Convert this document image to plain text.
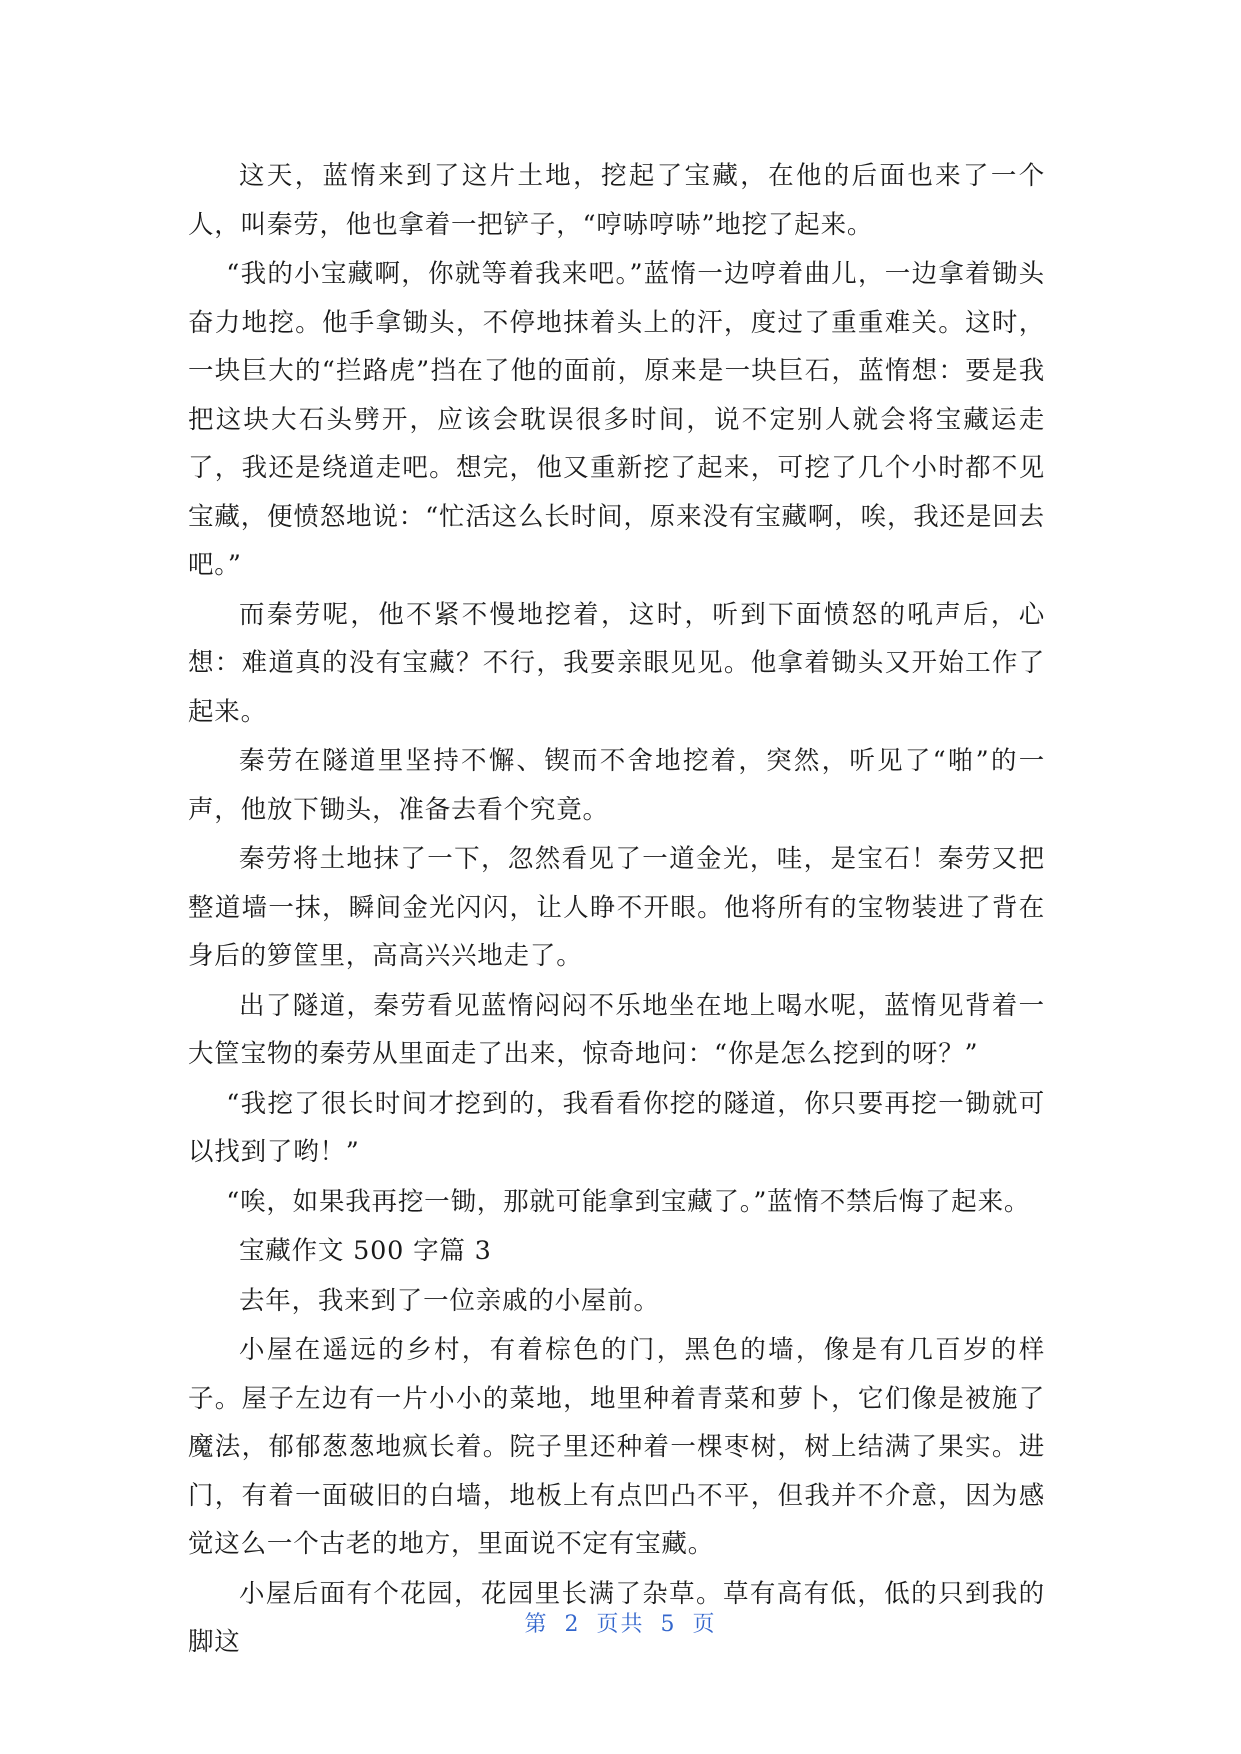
这天，蓝惰来到了这片土地，挖起了宝藏，在他的后面也来了一个人，叫秦劳，他也拿着一把铲子，“哼哧哼哧”地挖了起来。

“我的小宝藏啊，你就等着我来吧。”蓝惰一边哼着曲儿，一边拿着锄头奋力地挖。他手拿锄头，不停地抹着头上的汗，度过了重重难关。这时，一块巨大的“拦路虎”挡在了他的面前，原来是一块巨石，蓝惰想：要是我把这块大石头劈开，应该会耽误很多时间，说不定别人就会将宝藏运走了，我还是绕道走吧。想完，他又重新挖了起来，可挖了几个小时都不见宝藏，便愤怒地说：“忙活这么长时间，原来没有宝藏啊，唉，我还是回去吧。”

而秦劳呢，他不紧不慢地挖着，这时，听到下面愤怒的吼声后，心想：难道真的没有宝藏？不行，我要亲眼见见。他拿着锄头又开始工作了起来。

秦劳在隧道里坚持不懈、锲而不舍地挖着，突然，听见了“啪”的一声，他放下锄头，准备去看个究竟。

秦劳将土地抹了一下，忽然看见了一道金光，哇，是宝石！秦劳又把整道墙一抹，瞬间金光闪闪，让人睁不开眼。他将所有的宝物装进了背在身后的箩筐里，高高兴兴地走了。

出了隧道，秦劳看见蓝惰闷闷不乐地坐在地上喝水呢，蓝惰见背着一大筐宝物的秦劳从里面走了出来，惊奇地问：“你是怎么挖到的呀？”

“我挖了很长时间才挖到的，我看看你挖的隧道，你只要再挖一锄就可以找到了哟！”

“唉，如果我再挖一锄，那就可能拿到宝藏了。”蓝惰不禁后悔了起来。

宝藏作文 500 字篇 3

去年，我来到了一位亲戚的小屋前。

小屋在遥远的乡村，有着棕色的门，黑色的墙，像是有几百岁的样子。屋子左边有一片小小的菜地，地里种着青菜和萝卜，它们像是被施了魔法，郁郁葱葱地疯长着。院子里还种着一棵枣树，树上结满了果实。进门，有着一面破旧的白墙，地板上有点凹凸不平，但我并不介意，因为感觉这么一个古老的地方，里面说不定有宝藏。

小屋后面有个花园，花园里长满了杂草。草有高有低，低的只到我的脚这

第 2 页共 5 页
